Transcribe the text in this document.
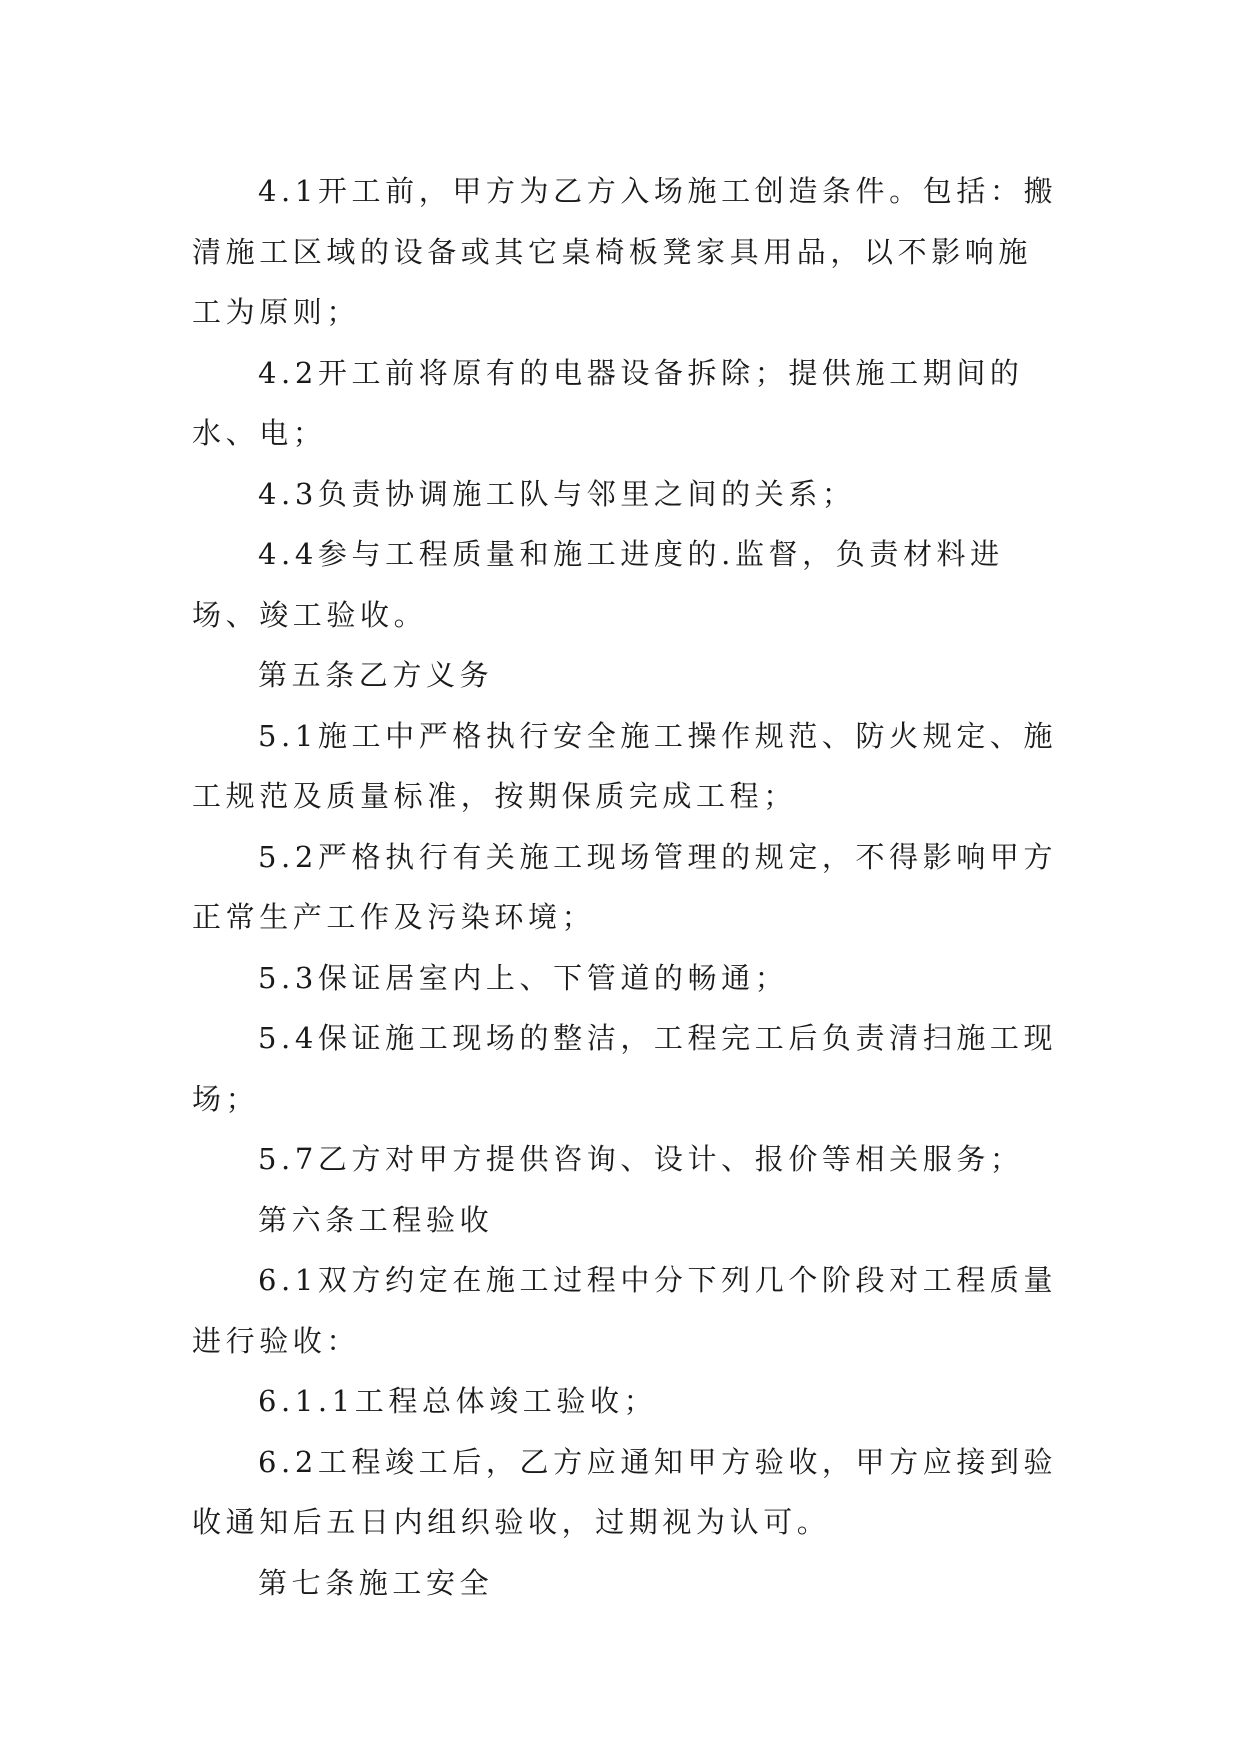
4.1开工前，甲方为乙方入场施工创造条件。包括：搬清施工区域的设备或其它桌椅板凳家具用品，以不影响施工为原则；

4.2开工前将原有的电器设备拆除；提供施工期间的水、电；

4.3负责协调施工队与邻里之间的关系；

4.4参与工程质量和施工进度的.监督，负责材料进场、竣工验收。

第五条乙方义务

5.1施工中严格执行安全施工操作规范、防火规定、施工规范及质量标准，按期保质完成工程；

5.2严格执行有关施工现场管理的规定，不得影响甲方正常生产工作及污染环境；

5.3保证居室内上、下管道的畅通；

5.4保证施工现场的整洁，工程完工后负责清扫施工现场；

5.7乙方对甲方提供咨询、设计、报价等相关服务；

第六条工程验收

6.1双方约定在施工过程中分下列几个阶段对工程质量进行验收：

6.1.1工程总体竣工验收；

6.2工程竣工后，乙方应通知甲方验收，甲方应接到验收通知后五日内组织验收，过期视为认可。

第七条施工安全
